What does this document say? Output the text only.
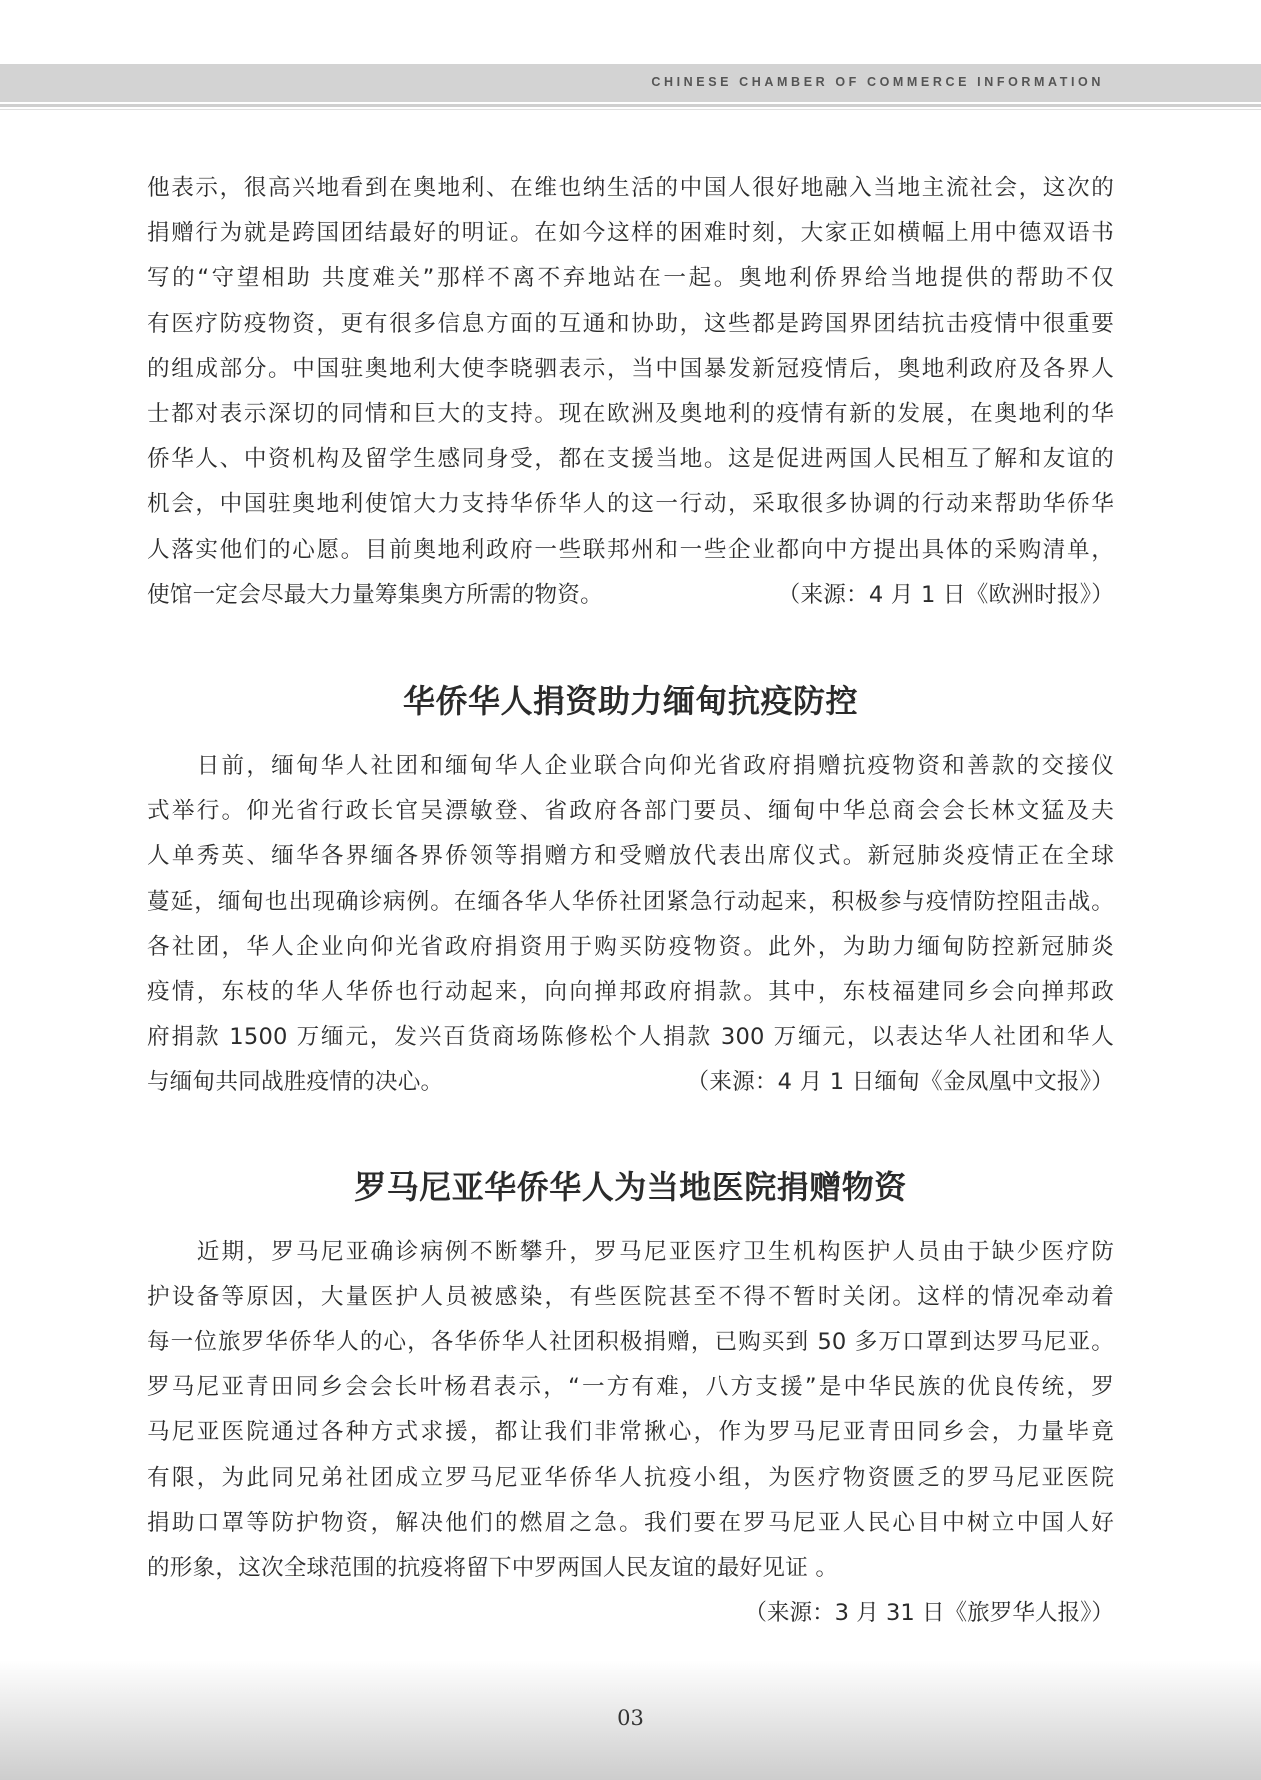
CHINESE CHAMBER OF COMMERCE INFORMATION
他表示，很高兴地看到在奥地利、在维也纳生活的中国人很好地融入当地主流社会，这次的
捐赠行为就是跨国团结最好的明证。在如今这样的困难时刻，大家正如横幅上用中德双语书
写的“守望相助 共度难关”那样不离不弃地站在一起。奥地利侨界给当地提供的帮助不仅
有医疗防疫物资，更有很多信息方面的互通和协助，这些都是跨国界团结抗击疫情中很重要
的组成部分。中国驻奥地利大使李晓驷表示，当中国暴发新冠疫情后，奥地利政府及各界人
士都对表示深切的同情和巨大的支持。现在欧洲及奥地利的疫情有新的发展，在奥地利的华
侨华人、中资机构及留学生感同身受，都在支援当地。这是促进两国人民相互了解和友谊的
机会，中国驻奥地利使馆大力支持华侨华人的这一行动，采取很多协调的行动来帮助华侨华
人落实他们的心愿。目前奥地利政府一些联邦州和一些企业都向中方提出具体的采购清单，
使馆一定会尽最大力量筹集奥方所需的物资。	（来源：4 月 1 日《欧洲时报》）
华侨华人捐资助力缅甸抗疫防控
　　日前，缅甸华人社团和缅甸华人企业联合向仰光省政府捐赠抗疫物资和善款的交接仪
式举行。仰光省行政长官吴漂敏登、省政府各部门要员、缅甸中华总商会会长林文猛及夫
人单秀英、缅华各界缅各界侨领等捐赠方和受赠放代表出席仪式。新冠肺炎疫情正在全球
蔓延，缅甸也出现确诊病例。在缅各华人华侨社团紧急行动起来，积极参与疫情防控阻击战。
各社团，华人企业向仰光省政府捐资用于购买防疫物资。此外，为助力缅甸防控新冠肺炎
疫情，东枝的华人华侨也行动起来，向向掸邦政府捐款。其中，东枝福建同乡会向掸邦政
府捐款 1500 万缅元，发兴百货商场陈修松个人捐款 300 万缅元，以表达华人社团和华人
与缅甸共同战胜疫情的决心。	（来源：4 月 1 日缅甸《金凤凰中文报》）
罗马尼亚华侨华人为当地医院捐赠物资
　　近期，罗马尼亚确诊病例不断攀升，罗马尼亚医疗卫生机构医护人员由于缺少医疗防
护设备等原因，大量医护人员被感染，有些医院甚至不得不暂时关闭。这样的情况牵动着
每一位旅罗华侨华人的心，各华侨华人社团积极捐赠，已购买到 50 多万口罩到达罗马尼亚。
罗马尼亚青田同乡会会长叶杨君表示，“一方有难，八方支援”是中华民族的优良传统，罗
马尼亚医院通过各种方式求援，都让我们非常揪心，作为罗马尼亚青田同乡会，力量毕竟
有限，为此同兄弟社团成立罗马尼亚华侨华人抗疫小组，为医疗物资匮乏的罗马尼亚医院
捐助口罩等防护物资，解决他们的燃眉之急。我们要在罗马尼亚人民心目中树立中国人好
的形象，这次全球范围的抗疫将留下中罗两国人民友谊的最好见证 。
（来源：3 月 31 日《旅罗华人报》）
03
